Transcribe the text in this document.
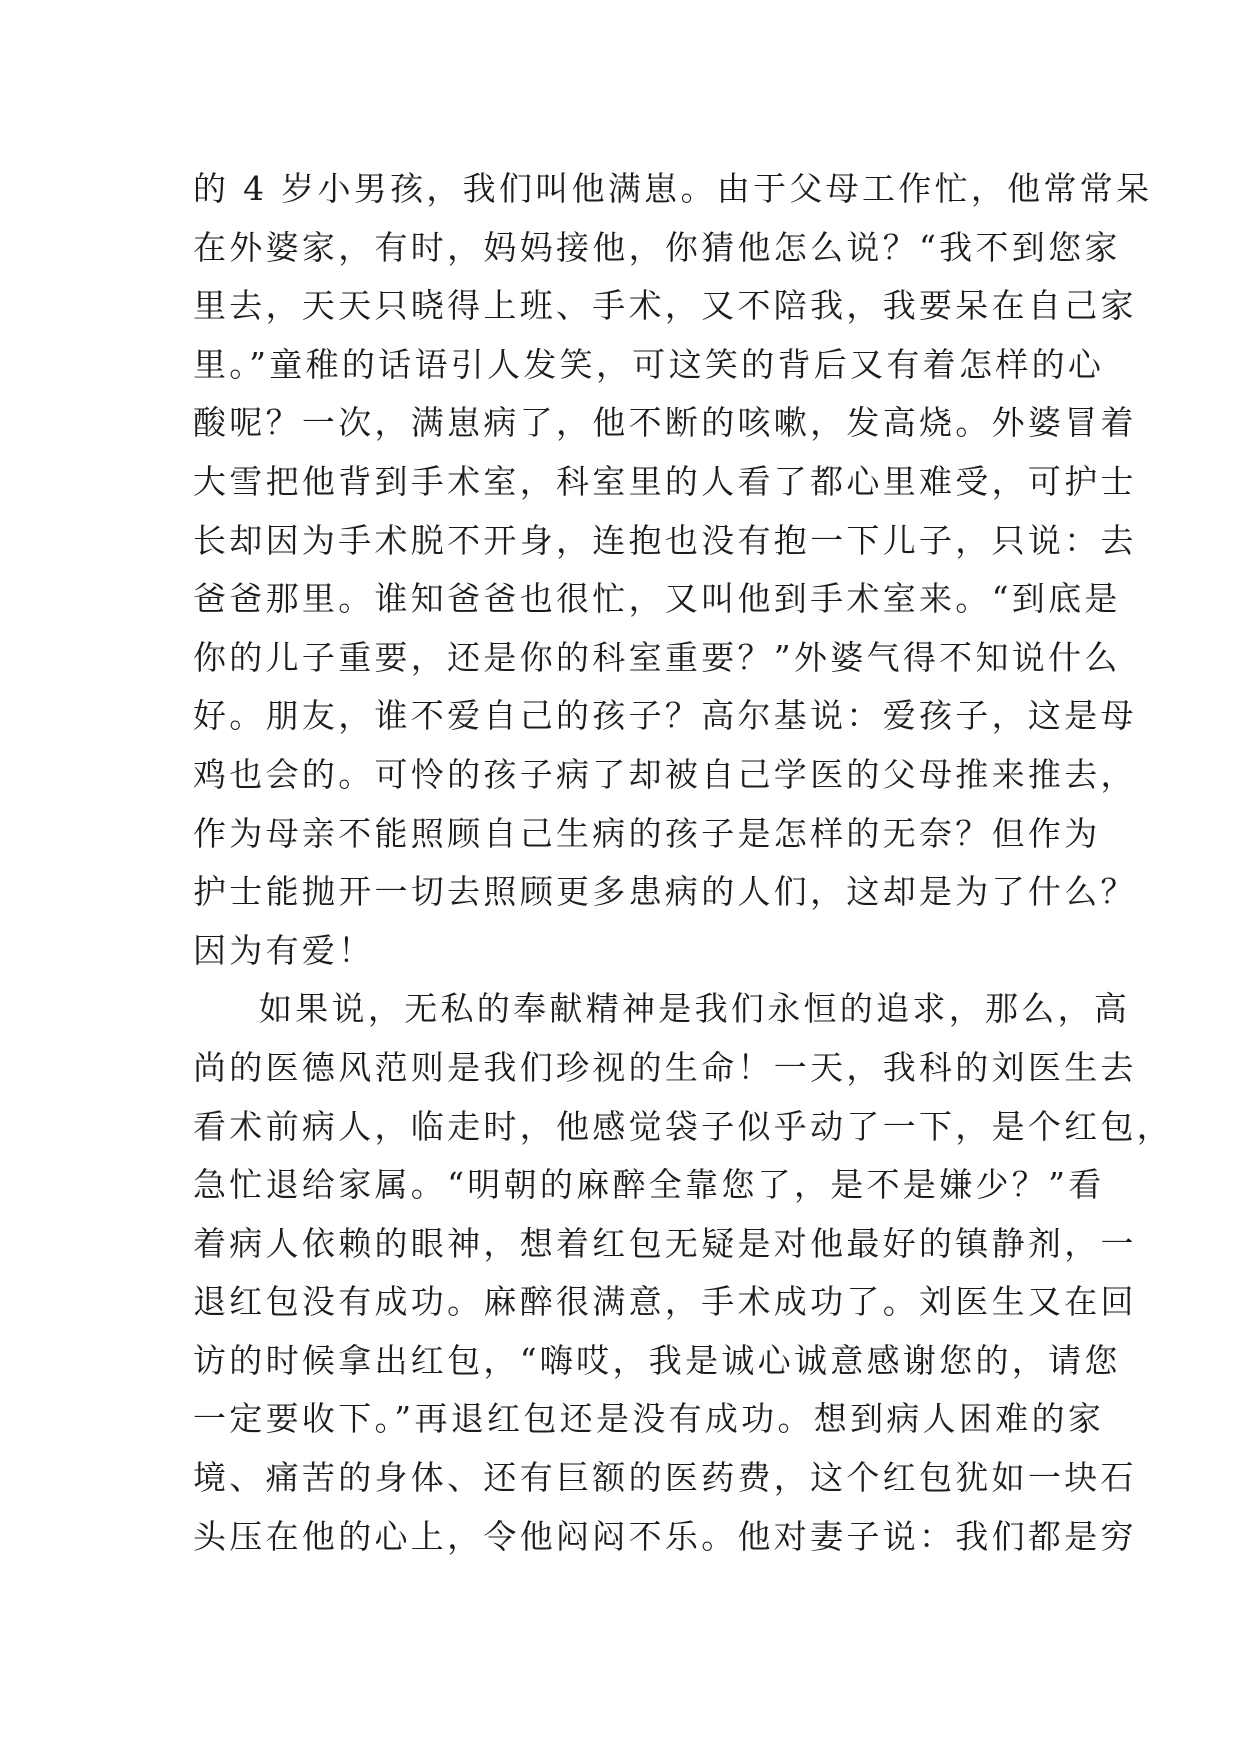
的 4 岁小男孩，我们叫他满崽。由于父母工作忙，他常常呆
在外婆家，有时，妈妈接他，你猜他怎么说？“我不到您家
里去，天天只晓得上班、手术，又不陪我，我要呆在自己家
里。”童稚的话语引人发笑，可这笑的背后又有着怎样的心
酸呢？一次，满崽病了，他不断的咳嗽，发高烧。外婆冒着
大雪把他背到手术室，科室里的人看了都心里难受，可护士
长却因为手术脱不开身，连抱也没有抱一下儿子，只说：去
爸爸那里。谁知爸爸也很忙，又叫他到手术室来。“到底是
你的儿子重要，还是你的科室重要？”外婆气得不知说什么
好。朋友，谁不爱自己的孩子？高尔基说：爱孩子，这是母
鸡也会的。可怜的孩子病了却被自己学医的父母推来推去，
作为母亲不能照顾自己生病的孩子是怎样的无奈？但作为
护士能抛开一切去照顾更多患病的人们，这却是为了什么？
因为有爱！
如果说，无私的奉献精神是我们永恒的追求，那么，高
尚的医德风范则是我们珍视的生命！一天，我科的刘医生去
看术前病人，临走时，他感觉袋子似乎动了一下，是个红包，
急忙退给家属。“明朝的麻醉全靠您了，是不是嫌少？”看
着病人依赖的眼神，想着红包无疑是对他最好的镇静剂，一
退红包没有成功。麻醉很满意，手术成功了。刘医生又在回
访的时候拿出红包，“嗨哎，我是诚心诚意感谢您的，请您
一定要收下。”再退红包还是没有成功。想到病人困难的家
境、痛苦的身体、还有巨额的医药费，这个红包犹如一块石
头压在他的心上，令他闷闷不乐。他对妻子说：我们都是穷
